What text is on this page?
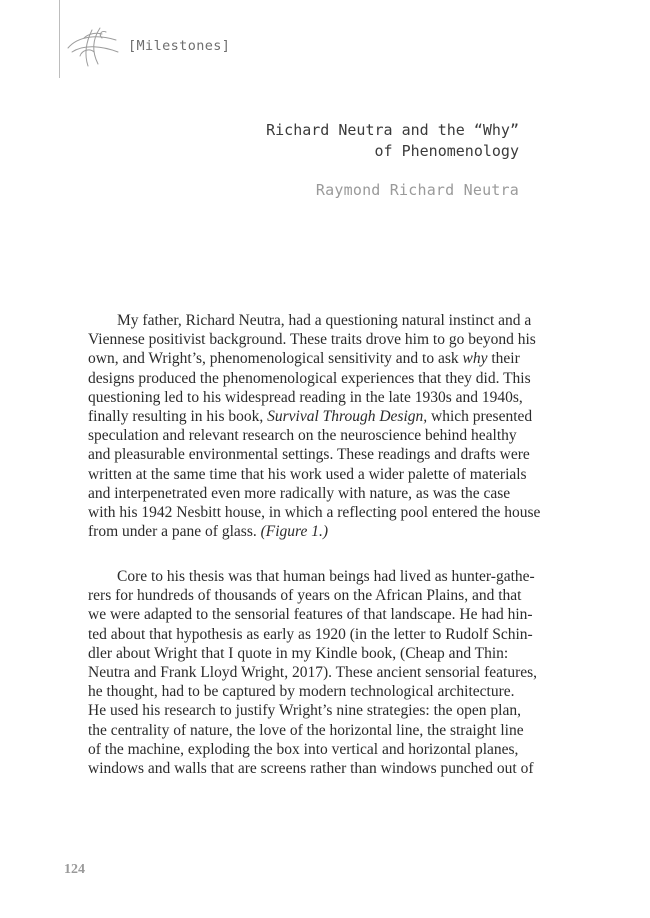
[Milestones]
Richard Neutra and the “Why”
of Phenomenology
Raymond Richard Neutra

My father, Richard Neutra, had a questioning natural instinct and a
Viennese positivist background. These traits drove him to go beyond his
own, and Wright’s, phenomenological sensitivity and to ask why their
designs produced the phenomenological experiences that they did. This
questioning led to his widespread reading in the late 1930s and 1940s,
finally resulting in his book, Survival Through Design, which presented
speculation and relevant research on the neuroscience behind healthy
and pleasurable environmental settings. These readings and drafts were
written at the same time that his work used a wider palette of materials
and interpenetrated even more radically with nature, as was the case
with his 1942 Nesbitt house, in which a reflecting pool entered the house
from under a pane of glass. (Figure 1.)

Core to his thesis was that human beings had lived as hunter-gathe-
rers for hundreds of thousands of years on the African Plains, and that
we were adapted to the sensorial features of that landscape. He had hin-
ted about that hypothesis as early as 1920 (in the letter to Rudolf Schin-
dler about Wright that I quote in my Kindle book, (Cheap and Thin:
Neutra and Frank Lloyd Wright, 2017). These ancient sensorial features,
he thought, had to be captured by modern technological architecture.
He used his research to justify Wright’s nine strategies: the open plan,
the centrality of nature, the love of the horizontal line, the straight line
of the machine, exploding the box into vertical and horizontal planes,
windows and walls that are screens rather than windows punched out of

124
